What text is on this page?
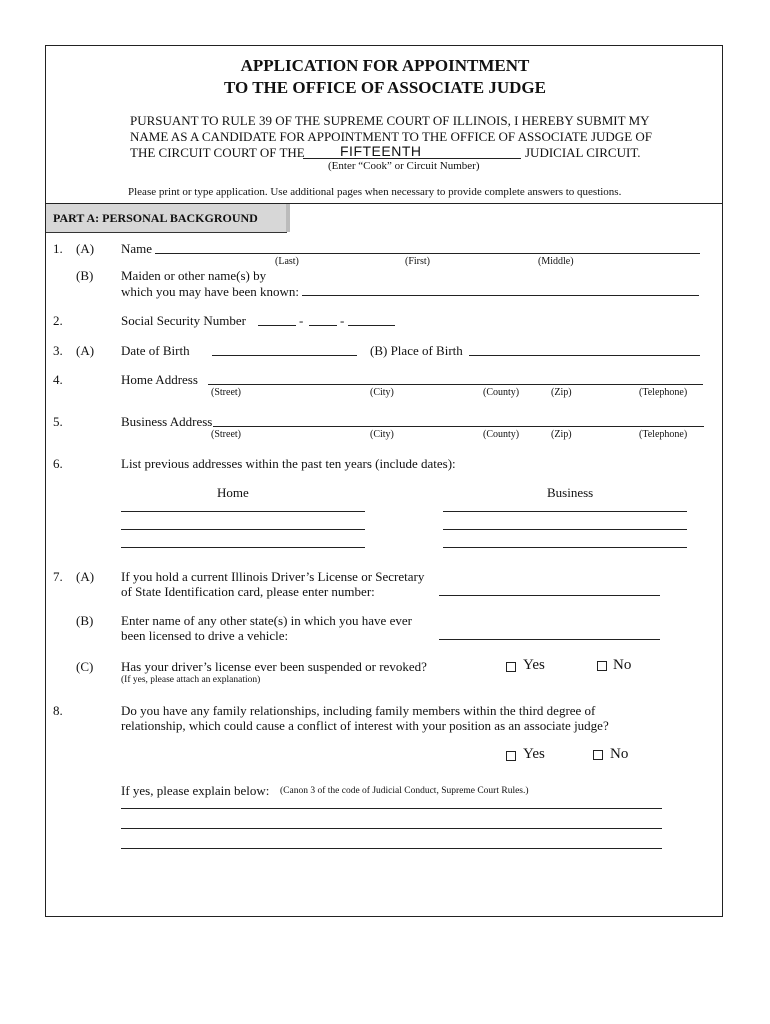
APPLICATION FOR APPOINTMENT
TO THE OFFICE OF ASSOCIATE JUDGE
PURSUANT TO RULE 39 OF THE SUPREME COURT OF ILLINOIS, I HEREBY SUBMIT MY
NAME AS A CANDIDATE FOR APPOINTMENT TO THE OFFICE OF ASSOCIATE JUDGE OF
THE CIRCUIT COURT OF THE	FIFTEENTH	JUDICIAL CIRCUIT.
(Enter “Cook” or Circuit Number)
Please print or type application. Use additional pages when necessary to provide complete answers to questions.
PART A: PERSONAL BACKGROUND
1. (A) Name
(Last)	(First)	(Middle)
(B) Maiden or other name(s) by
which you may have been known:
2.	Social Security Number	-	-
3. (A) Date of Birth	(B) Place of Birth
4.	Home Address
(Street)	(City)	(County)	(Zip)	(Telephone)
5.	Business Address
(Street)	(City)	(County)	(Zip)	(Telephone)
6.	List previous addresses within the past ten years (include dates):
Home	Business
7. (A) If you hold a current Illinois Driver’s License or Secretary
of State Identification card, please enter number:
(B) Enter name of any other state(s) in which you have ever
been licensed to drive a vehicle:
(C) Has your driver’s license ever been suspended or revoked?
(If yes, please attach an explanation)
Yes	No
8.	Do you have any family relationships, including family members within the third degree of
relationship, which could cause a conflict of interest with your position as an associate judge?
Yes	No
If yes, please explain below: (Canon 3 of the code of Judicial Conduct, Supreme Court Rules.)
